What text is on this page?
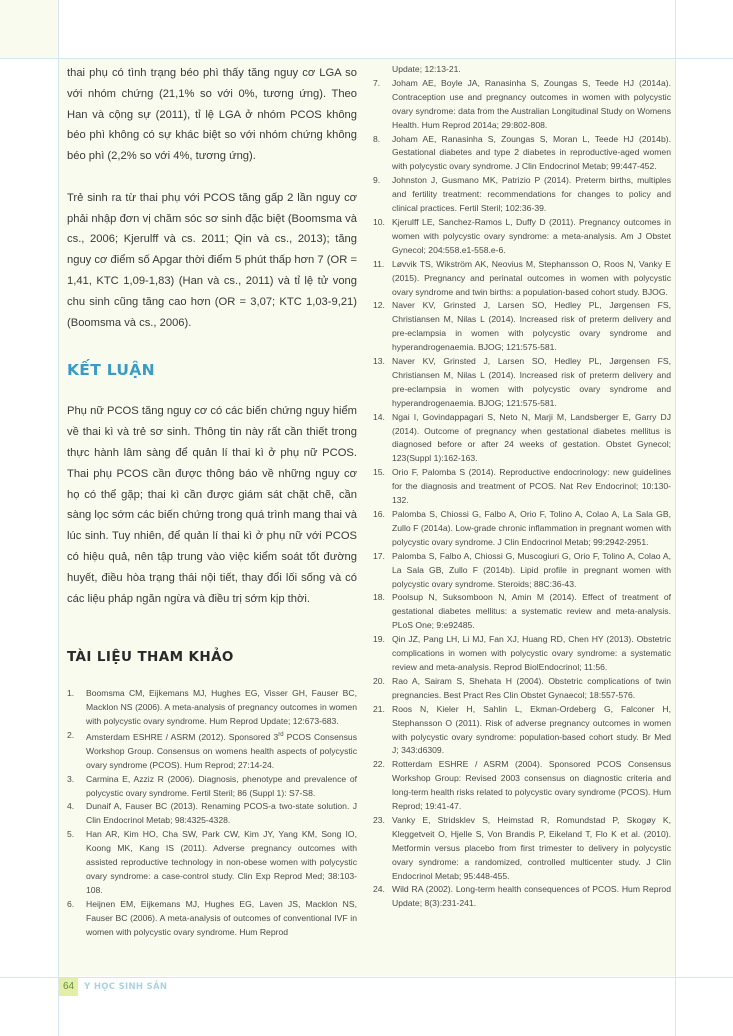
thai phụ có tình trạng béo phì thấy tăng nguy cơ LGA so với nhóm chứng (21,1% so với 0%, tương ứng). Theo Han và cộng sự (2011), tỉ lệ LGA ở nhóm PCOS không béo phì không có sự khác biệt so với nhóm chứng không béo phì (2,2% so với 4%, tương ứng).

Trẻ sinh ra từ thai phụ với PCOS tăng gấp 2 lần nguy cơ phải nhập đơn vị chăm sóc sơ sinh đặc biệt (Boomsma và cs., 2006; Kjerulff và cs. 2011; Qin và cs., 2013); tăng nguy cơ điểm số Apgar thời điểm 5 phút thấp hơn 7 (OR = 1,41, KTC 1,09-1,83) (Han và cs., 2011) và tỉ lệ tử vong chu sinh cũng tăng cao hơn (OR = 3,07; KTC 1,03-9,21) (Boomsma và cs., 2006).

KẾT LUẬN

Phụ nữ PCOS tăng nguy cơ có các biến chứng nguy hiểm về thai kì và trẻ sơ sinh. Thông tin này rất cần thiết trong thực hành lâm sàng để quản lí thai kì ở phụ nữ PCOS. Thai phụ PCOS cần được thông báo về những nguy cơ họ có thể gặp; thai kì cần được giám sát chặt chẽ, cần sàng lọc sớm các biến chứng trong quá trình mang thai và lúc sinh. Tuy nhiên, để quản lí thai kì ở phụ nữ với PCOS có hiệu quả, nên tập trung vào việc kiểm soát tốt đường huyết, điều hòa trạng thái nội tiết, thay đổi lối sống và có các liệu pháp ngăn ngừa và điều trị sớm kịp thời.

TÀI LIỆU THAM KHẢO
1.	Boomsma CM, Eijkemans MJ, Hughes EG, Visser GH, Fauser BC, Macklon NS (2006). A meta-analysis of pregnancy outcomes in women with polycystic ovary syndrome. Hum Reprod Update; 12:673-683.
2.	Amsterdam ESHRE / ASRM (2012). Sponsored 3rd PCOS Consensus Workshop Group. Consensus on womens health aspects of polycystic ovary syndrome (PCOS). Hum Reprod; 27:14-24.
3.	Carmina E, Azziz R (2006). Diagnosis, phenotype and prevalence of polycystic ovary syndrome. Fertil Steril; 86 (Suppl 1): S7-S8.
4.	Dunaif A, Fauser BC (2013). Renaming PCOS-a two-state solution. J Clin Endocrinol Metab; 98:4325-4328.
5.	Han AR, Kim HO, Cha SW, Park CW, Kim JY, Yang KM, Song IO, Koong MK, Kang IS (2011). Adverse pregnancy outcomes with assisted reproductive technology in non-obese women with polycystic ovary syndrome: a case-control study. Clin Exp Reprod Med; 38:103-108.
6.	Heijnen EM, Eijkemans MJ, Hughes EG, Laven JS, Macklon NS, Fauser BC (2006). A meta-analysis of outcomes of conventional IVF in women with polycystic ovary syndrome. Hum Reprod
Update; 12:13-21.
7.	Joham AE, Boyle JA, Ranasinha S, Zoungas S, Teede HJ (2014a). Contraception use and pregnancy outcomes in women with polycystic ovary syndrome: data from the Australian Longitudinal Study on Womens Health. Hum Reprod 2014a; 29:802-808.
8.	Joham AE, Ranasinha S, Zoungas S, Moran L, Teede HJ (2014b). Gestational diabetes and type 2 diabetes in reproductive-aged women with polycystic ovary syndrome. J Clin Endocrinol Metab; 99:447-452.
9.	Johnston J, Gusmano MK, Patrizio P (2014). Preterm births, multiples and fertility treatment: recommendations for changes to policy and clinical practices. Fertil Steril; 102:36-39.
10. Kjerulff LE, Sanchez-Ramos L, Duffy D (2011). Pregnancy outcomes in women with polycystic ovary syndrome: a meta-analysis. Am J Obstet Gynecol; 204:558.e1-558.e-6.
11. Løvvik TS, Wikström AK, Neovius M, Stephansson O, Roos N, Vanky E (2015). Pregnancy and perinatal outcomes in women with polycystic ovary syndrome and twin births: a population-based cohort study. BJOG.
12. Naver KV, Grinsted J, Larsen SO, Hedley PL, Jørgensen FS, Christiansen M, Nilas L (2014). Increased risk of preterm delivery and pre-eclampsia in women with polycystic ovary syndrome and hyperandrogenaemia. BJOG; 121:575-581.
13. Naver KV, Grinsted J, Larsen SO, Hedley PL, Jørgensen FS, Christiansen M, Nilas L (2014). Increased risk of preterm delivery and pre-eclampsia in women with polycystic ovary syndrome and hyperandrogenaemia. BJOG; 121:575-581.
14. Ngai I, Govindappagari S, Neto N, Marji M, Landsberger E, Garry DJ (2014). Outcome of pregnancy when gestational diabetes mellitus is diagnosed before or after 24 weeks of gestation. Obstet Gynecol; 123(Suppl 1):162-163.
15. Orio F, Palomba S (2014). Reproductive endocrinology: new guidelines for the diagnosis and treatment of PCOS. Nat Rev Endocrinol; 10:130-132.
16. Palomba S, Chiossi G, Falbo A, Orio F, Tolino A, Colao A, La Sala GB, Zullo F (2014a). Low-grade chronic inflammation in pregnant women with polycystic ovary syndrome. J Clin Endocrinol Metab; 99:2942-2951.
17. Palomba S, Falbo A, Chiossi G, Muscogiuri G, Orio F, Tolino A, Colao A, La Sala GB, Zullo F (2014b). Lipid profile in pregnant women with polycystic ovary syndrome. Steroids; 88C:36-43.
18. Poolsup N, Suksomboon N, Amin M (2014). Effect of treatment of gestational diabetes mellitus: a systematic review and meta-analysis. PLoS One; 9:e92485.
19. Qin JZ, Pang LH, Li MJ, Fan XJ, Huang RD, Chen HY (2013). Obstetric complications in women with polycystic ovary syndrome: a systematic review and meta-analysis. Reprod BiolEndocrinol; 11:56.
20. Rao A, Sairam S, Shehata H (2004). Obstetric complications of twin pregnancies. Best Pract Res Clin Obstet Gynaecol; 18:557-576.
21. Roos N, Kieler H, Sahlin L, Ekman-Ordeberg G, Falconer H, Stephansson O (2011). Risk of adverse pregnancy outcomes in women with polycystic ovary syndrome: population-based cohort study. Br Med J; 343:d6309.
22. Rotterdam ESHRE / ASRM (2004). Sponsored PCOS Consensus Workshop Group: Revised 2003 consensus on diagnostic criteria and long-term health risks related to polycystic ovary syndrome (PCOS). Hum Reprod; 19:41-47.
23. Vanky E, Stridsklev S, Heimstad R, Romundstad P, Skogøy K, Kleggetveit O, Hjelle S, Von Brandis P, Eikeland T, Flo K et al. (2010). Metformin versus placebo from first trimester to delivery in polycystic ovary syndrome: a randomized, controlled multicenter study. J Clin Endocrinol Metab; 95:448-455.
24. Wild RA (2002). Long-term health consequences of PCOS. Hum Reprod Update; 8(3):231-241.
64	Y HỌC SINH SẢN
